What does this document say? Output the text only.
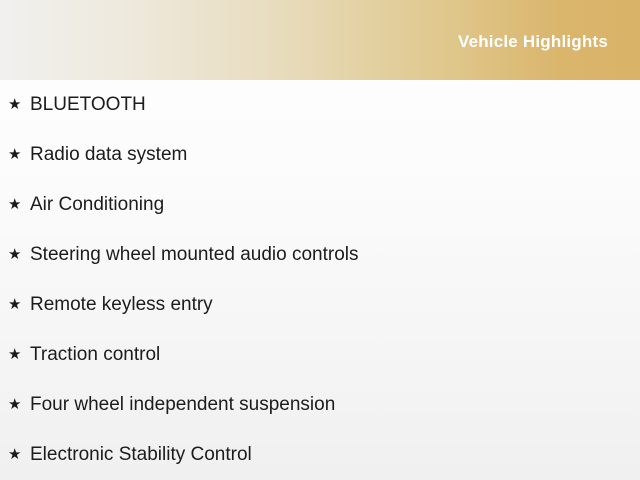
Vehicle Highlights
★ BLUETOOTH
★ Radio data system
★ Air Conditioning
★ Steering wheel mounted audio controls
★ Remote keyless entry
★ Traction control
★ Four wheel independent suspension
★ Electronic Stability Control
